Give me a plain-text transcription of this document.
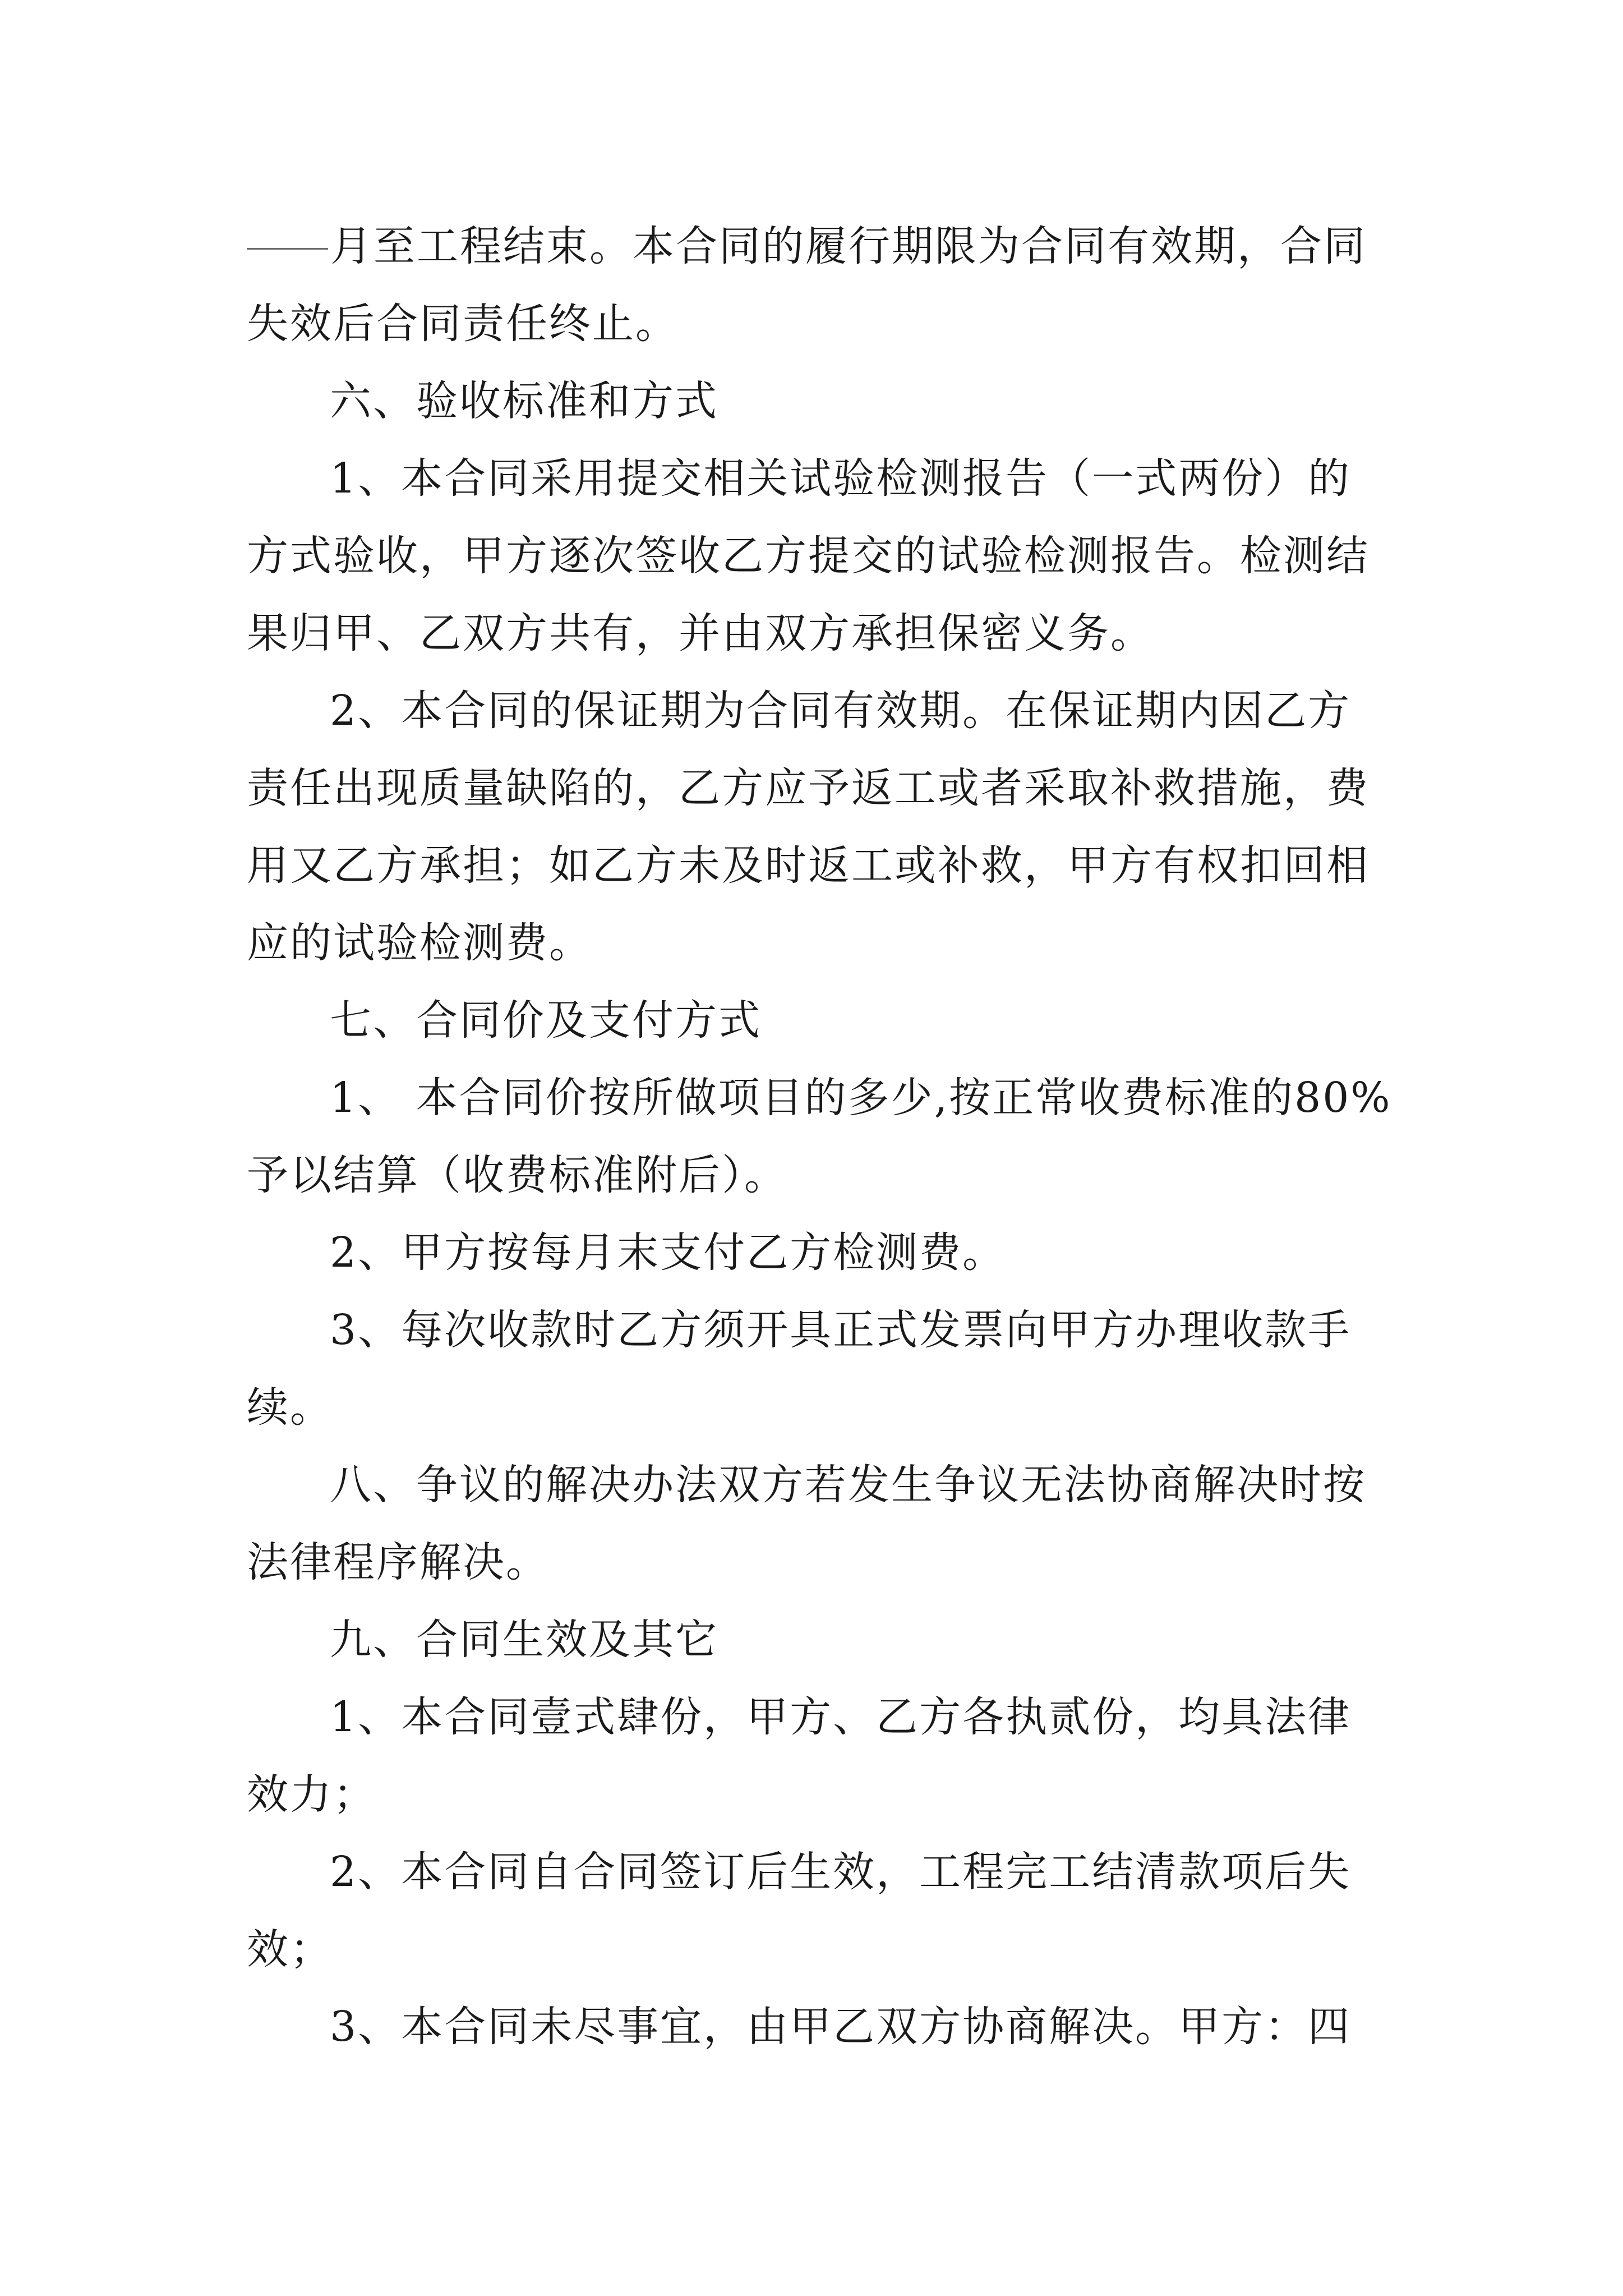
月至工程结束。本合同的履行期限为合同有效期，合同
失效后合同责任终止。
六、验收标准和方式
1、本合同采用提交相关试验检测报告（一式两份）的
方式验收，甲方逐次签收乙方提交的试验检测报告。检测结
果归甲、乙双方共有，并由双方承担保密义务。
2、本合同的保证期为合同有效期。在保证期内因乙方
责任出现质量缺陷的，乙方应予返工或者采取补救措施，费
用又乙方承担；如乙方未及时返工或补救，甲方有权扣回相
应的试验检测费。
七、合同价及支付方式
1、 本合同价按所做项目的多少,按正常收费标准的80%
予以结算（收费标准附后）。
2、甲方按每月末支付乙方检测费。
3、每次收款时乙方须开具正式发票向甲方办理收款手
续。
八、争议的解决办法双方若发生争议无法协商解决时按
法律程序解决。
九、合同生效及其它
1、本合同壹式肆份，甲方、乙方各执贰份，均具法律
效力；
2、本合同自合同签订后生效，工程完工结清款项后失
效；
3、本合同未尽事宜，由甲乙双方协商解决。甲方：四
